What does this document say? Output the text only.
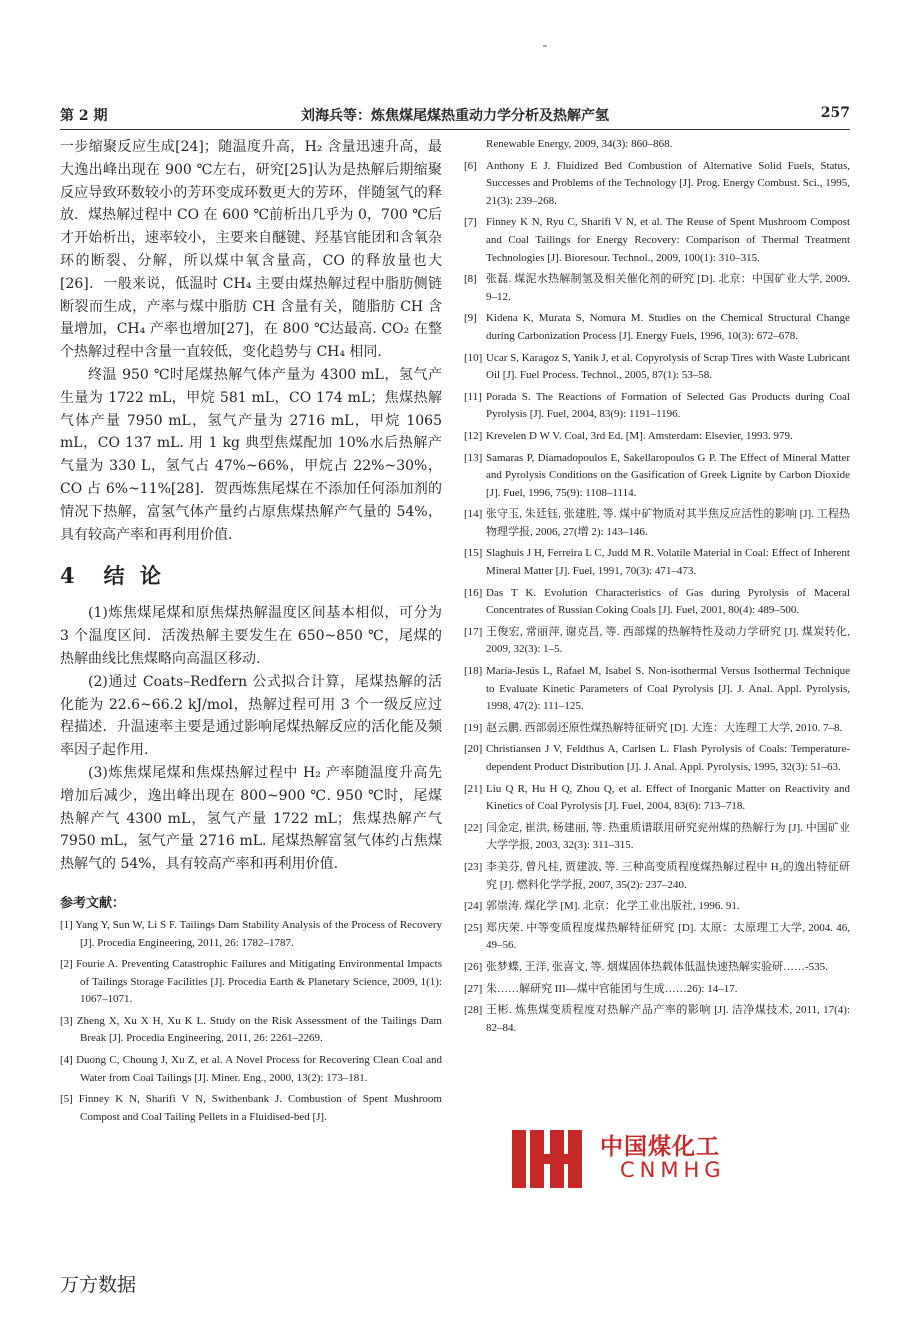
第 2 期	刘海兵等：炼焦煤尾煤热重动力学分析及热解产氢	257

一步缩聚反应生成[24]；随温度升高，H₂ 含量迅速升高，最大逸出峰出现在 900 ℃左右，研究[25]认为是热解后期缩聚反应导致环数较小的芳环变成环数更大的芳环，伴随氢气的释放．煤热解过程中 CO 在 600 ℃前析出几乎为 0，700 ℃后才开始析出，速率较小，主要来自醚键、羟基官能团和含氧杂环的断裂、分解，所以煤中氧含量高，CO 的释放量也大[26]．一般来说，低温时 CH₄ 主要由煤热解过程中脂肪侧链断裂而生成，产率与煤中脂肪 CH 含量有关，随脂肪 CH 含量增加，CH₄ 产率也增加[27]，在 800 ℃达最高. CO₂ 在整个热解过程中含量一直较低，变化趋势与 CH₄ 相同.

终温 950 ℃时尾煤热解气体产量为 4300 mL，氢气产生量为 1722 mL，甲烷 581 mL，CO 174 mL；焦煤热解气体产量 7950 mL，氢气产量为 2716 mL，甲烷 1065 mL，CO 137 mL. 用 1 kg 典型焦煤配加 10%水后热解产气量为 330 L，氢气占 47%~66%，甲烷占 22%~30%，CO 占 6%~11%[28]．贺西炼焦尾煤在不添加任何添加剂的情况下热解，富氢气体产量约占原焦煤热解产气量的 54%，具有较高产率和再利用价值.

4　结 论

(1)炼焦煤尾煤和原焦煤热解温度区间基本相似，可分为 3 个温度区间．活泼热解主要发生在 650~850 ℃，尾煤的热解曲线比焦煤略向高温区移动.

(2)通过 Coats–Redfern 公式拟合计算，尾煤热解的活化能为 22.6~66.2 kJ/mol，热解过程可用 3 个一级反应过程描述．升温速率主要是通过影响尾煤热解反应的活化能及频率因子起作用.

(3)炼焦煤尾煤和焦煤热解过程中 H₂ 产率随温度升高先增加后减少，逸出峰出现在 800~900 ℃. 950 ℃时，尾煤热解产气 4300 mL，氢气产量 1722 mL；焦煤热解产气 7950 mL，氢气产量 2716 mL. 尾煤热解富氢气体约占焦煤热解气的 54%，具有较高产率和再利用价值.

参考文献：

[1] Yang Y, Sun W, Li S F. Tailings Dam Stability Analysis of the Process of Recovery [J]. Procedia Engineering, 2011, 26: 1782–1787.

[2] Fourie A. Preventing Catastrophic Failures and Mitigating Environmental Impacts of Tailings Storage Facilities [J]. Procedia Earth & Planetary Science, 2009, 1(1): 1067–1071.

[3] Zheng X, Xu X H, Xu K L. Study on the Risk Assessment of the Tailings Dam Break [J]. Procedia Engineering, 2011, 26: 2261–2269.

[4] Duong C, Choung J, Xu Z, et al. A Novel Process for Recovering Clean Coal and Water from Coal Tailings [J]. Miner. Eng., 2000, 13(2): 173–181.

[5] Finney K N, Sharifi V N, Swithenbank J. Combustion of Spent Mushroom Compost and Coal Tailing Pellets in a Fluidised-bed [J].

Renewable Energy, 2009, 34(3): 860–868.

[6] Anthony E J. Fluidized Bed Combustion of Alternative Solid Fuels, Status, Successes and Problems of the Technology [J]. Prog. Energy Combust. Sci., 1995, 21(3): 239–268.

[7] Finney K N, Ryu C, Sharifi V N, et al. The Reuse of Spent Mushroom Compost and Coal Tailings for Energy Recovery: Comparison of Thermal Treatment Technologies [J]. Bioresour. Technol., 2009, 100(1): 310–315.

[8] 张磊. 煤泥水热解制氢及相关催化剂的研究 [D]. 北京：中国矿业大学, 2009. 9–12.

[9] Kidena K, Murata S, Nomura M. Studies on the Chemical Structural Change during Carbonization Process [J]. Energy Fuels, 1996, 10(3): 672–678.

[10] Ucar S, Karagoz S, Yanik J, et al. Copyrolysis of Scrap Tires with Waste Lubricant Oil [J]. Fuel Process. Technol., 2005, 87(1): 53–58.

[11] Porada S. The Reactions of Formation of Selected Gas Products during Coal Pyrolysis [J]. Fuel, 2004, 83(9): 1191–1196.

[12] Krevelen D W V. Coal, 3rd Ed. [M]. Amsterdam: Elsevier, 1993. 979.

[13] Samaras P, Diamadopoulos E, Sakellaropoulos G P. The Effect of Mineral Matter and Pyrolysis Conditions on the Gasification of Greek Lignite by Carbon Dioxide [J]. Fuel, 1996, 75(9): 1108–1114.

[14] 张守玉, 朱廷钰, 张建胜, 等. 煤中矿物质对其半焦反应活性的影响 [J]. 工程热物理学报, 2006, 27(增 2): 143–146.

[15] Slaghuis J H, Ferreira L C, Judd M R. Volatile Material in Coal: Effect of Inherent Mineral Matter [J]. Fuel, 1991, 70(3): 471–473.

[16] Das T K. Evolution Characteristics of Gas during Pyrolysis of Maceral Concentrates of Russian Coking Coals [J]. Fuel, 2001, 80(4): 489–500.

[17] 王俊宏, 常丽萍, 谢克昌, 等. 西部煤的热解特性及动力学研究 [J]. 煤炭转化, 2009, 32(3): 1–5.

[18] María-Jesús L, Rafael M, Isabel S. Non-isothermal Versus Isothermal Technique to Evaluate Kinetic Parameters of Coal Pyrolysis [J]. J. Anal. Appl. Pyrolysis, 1998, 47(2): 111–125.

[19] 赵云鹏. 西部弱还原性煤热解特征研究 [D]. 大连：大连理工大学, 2010. 7–8.

[20] Christiansen J V, Feldthus A, Carlsen L. Flash Pyrolysis of Coals: Temperature-dependent Product Distribution [J]. J. Anal. Appl. Pyrolysis, 1995, 32(3): 51–63.

[21] Liu Q R, Hu H Q, Zhou Q, et al. Effect of Inorganic Matter on Reactivity and Kinetics of Coal Pyrolysis [J]. Fuel, 2004, 83(6): 713–718.

[22] 闫金定, 崔洪, 杨建丽, 等. 热重质谱联用研究兖州煤的热解行为 [J]. 中国矿业大学学报, 2003, 32(3): 311–315.

[23] 李美芬, 曾凡桂, 贾建波, 等. 三种高变质程度煤热解过程中 H₂的逸出特征研究 [J]. 燃料化学学报, 2007, 35(2): 237–240.

[24] 郭崇涛. 煤化学 [M]. 北京：化学工业出版社, 1996. 91.

[25] 郑庆荣. 中等变质程度煤热解特征研究 [D]. 太原：太原理工大学, 2004. 46, 49–56.

[26] 张梦蝶, 王洋, 张喜文, 等. 烟煤固体热载体低温快速热解实验研……-535.

[27] 朱……解研究 III—煤中官能团与生成……26): 14–17.

[28] 王彬. 炼焦煤变质程度对热解产品产率的影响 [J]. 洁净煤技术, 2011, 17(4): 82–84.

中国煤化工
CNMHG
万方数据
